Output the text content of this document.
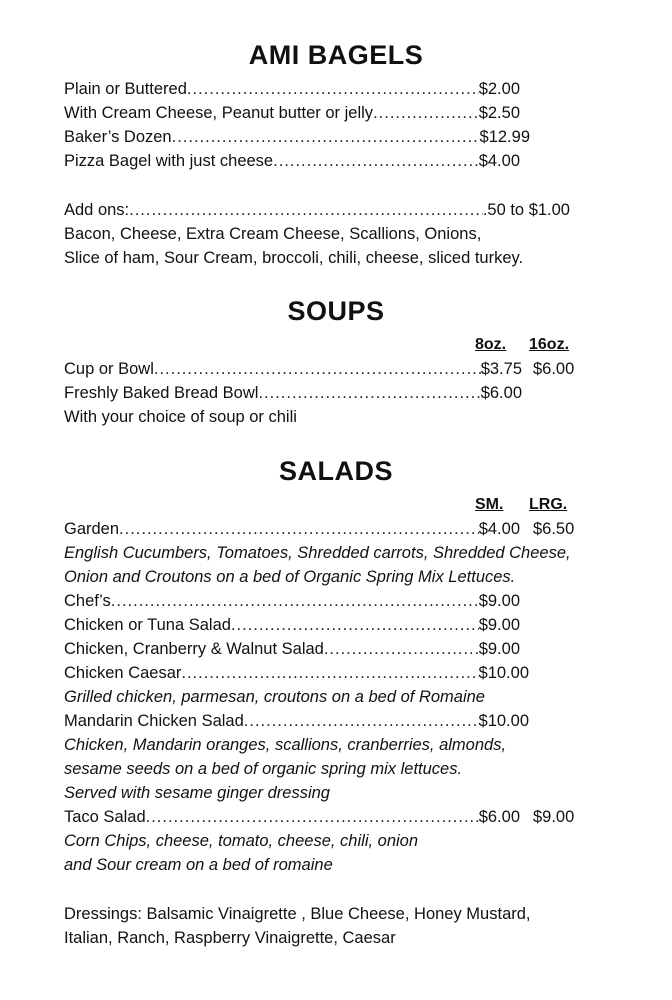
AMI BAGELS
Plain or Buttered .....	$2.00
With Cream Cheese, Peanut butter or jelly .....	$2.50
Baker’s Dozen .....	$12.99
Pizza Bagel with just cheese .....	$4.00
Add ons: .....	.50 to $1.00
Bacon, Cheese, Extra Cream Cheese, Scallions, Onions,
Slice of ham, Sour Cream, broccoli, chili, cheese, sliced turkey.
SOUPS
8oz. 16oz.
Cup or Bowl .....	$3.75 $6.00
Freshly Baked Bread Bowl .....	$6.00
With your choice of soup or chili
SALADS
SM. LRG.
Garden .....	$4.00 $6.50
English Cucumbers, Tomatoes, Shredded carrots, Shredded Cheese,
Onion and Croutons on a bed of Organic Spring Mix Lettuces.
Chef’s .....	$9.00
Chicken or Tuna Salad .....	$9.00
Chicken, Cranberry & Walnut Salad .....	$9.00
Chicken Caesar .....	$10.00
Grilled chicken, parmesan, croutons on a bed of Romaine
Mandarin Chicken Salad .....	$10.00
Chicken, Mandarin oranges, scallions, cranberries, almonds,
sesame seeds on a bed of organic spring mix lettuces.
Served with sesame ginger dressing
Taco Salad .....	$6.00 $9.00
Corn Chips, cheese, tomato, cheese, chili, onion
and Sour cream on a bed of romaine
Dressings: Balsamic Vinaigrette , Blue Cheese, Honey Mustard,
Italian, Ranch, Raspberry Vinaigrette, Caesar
